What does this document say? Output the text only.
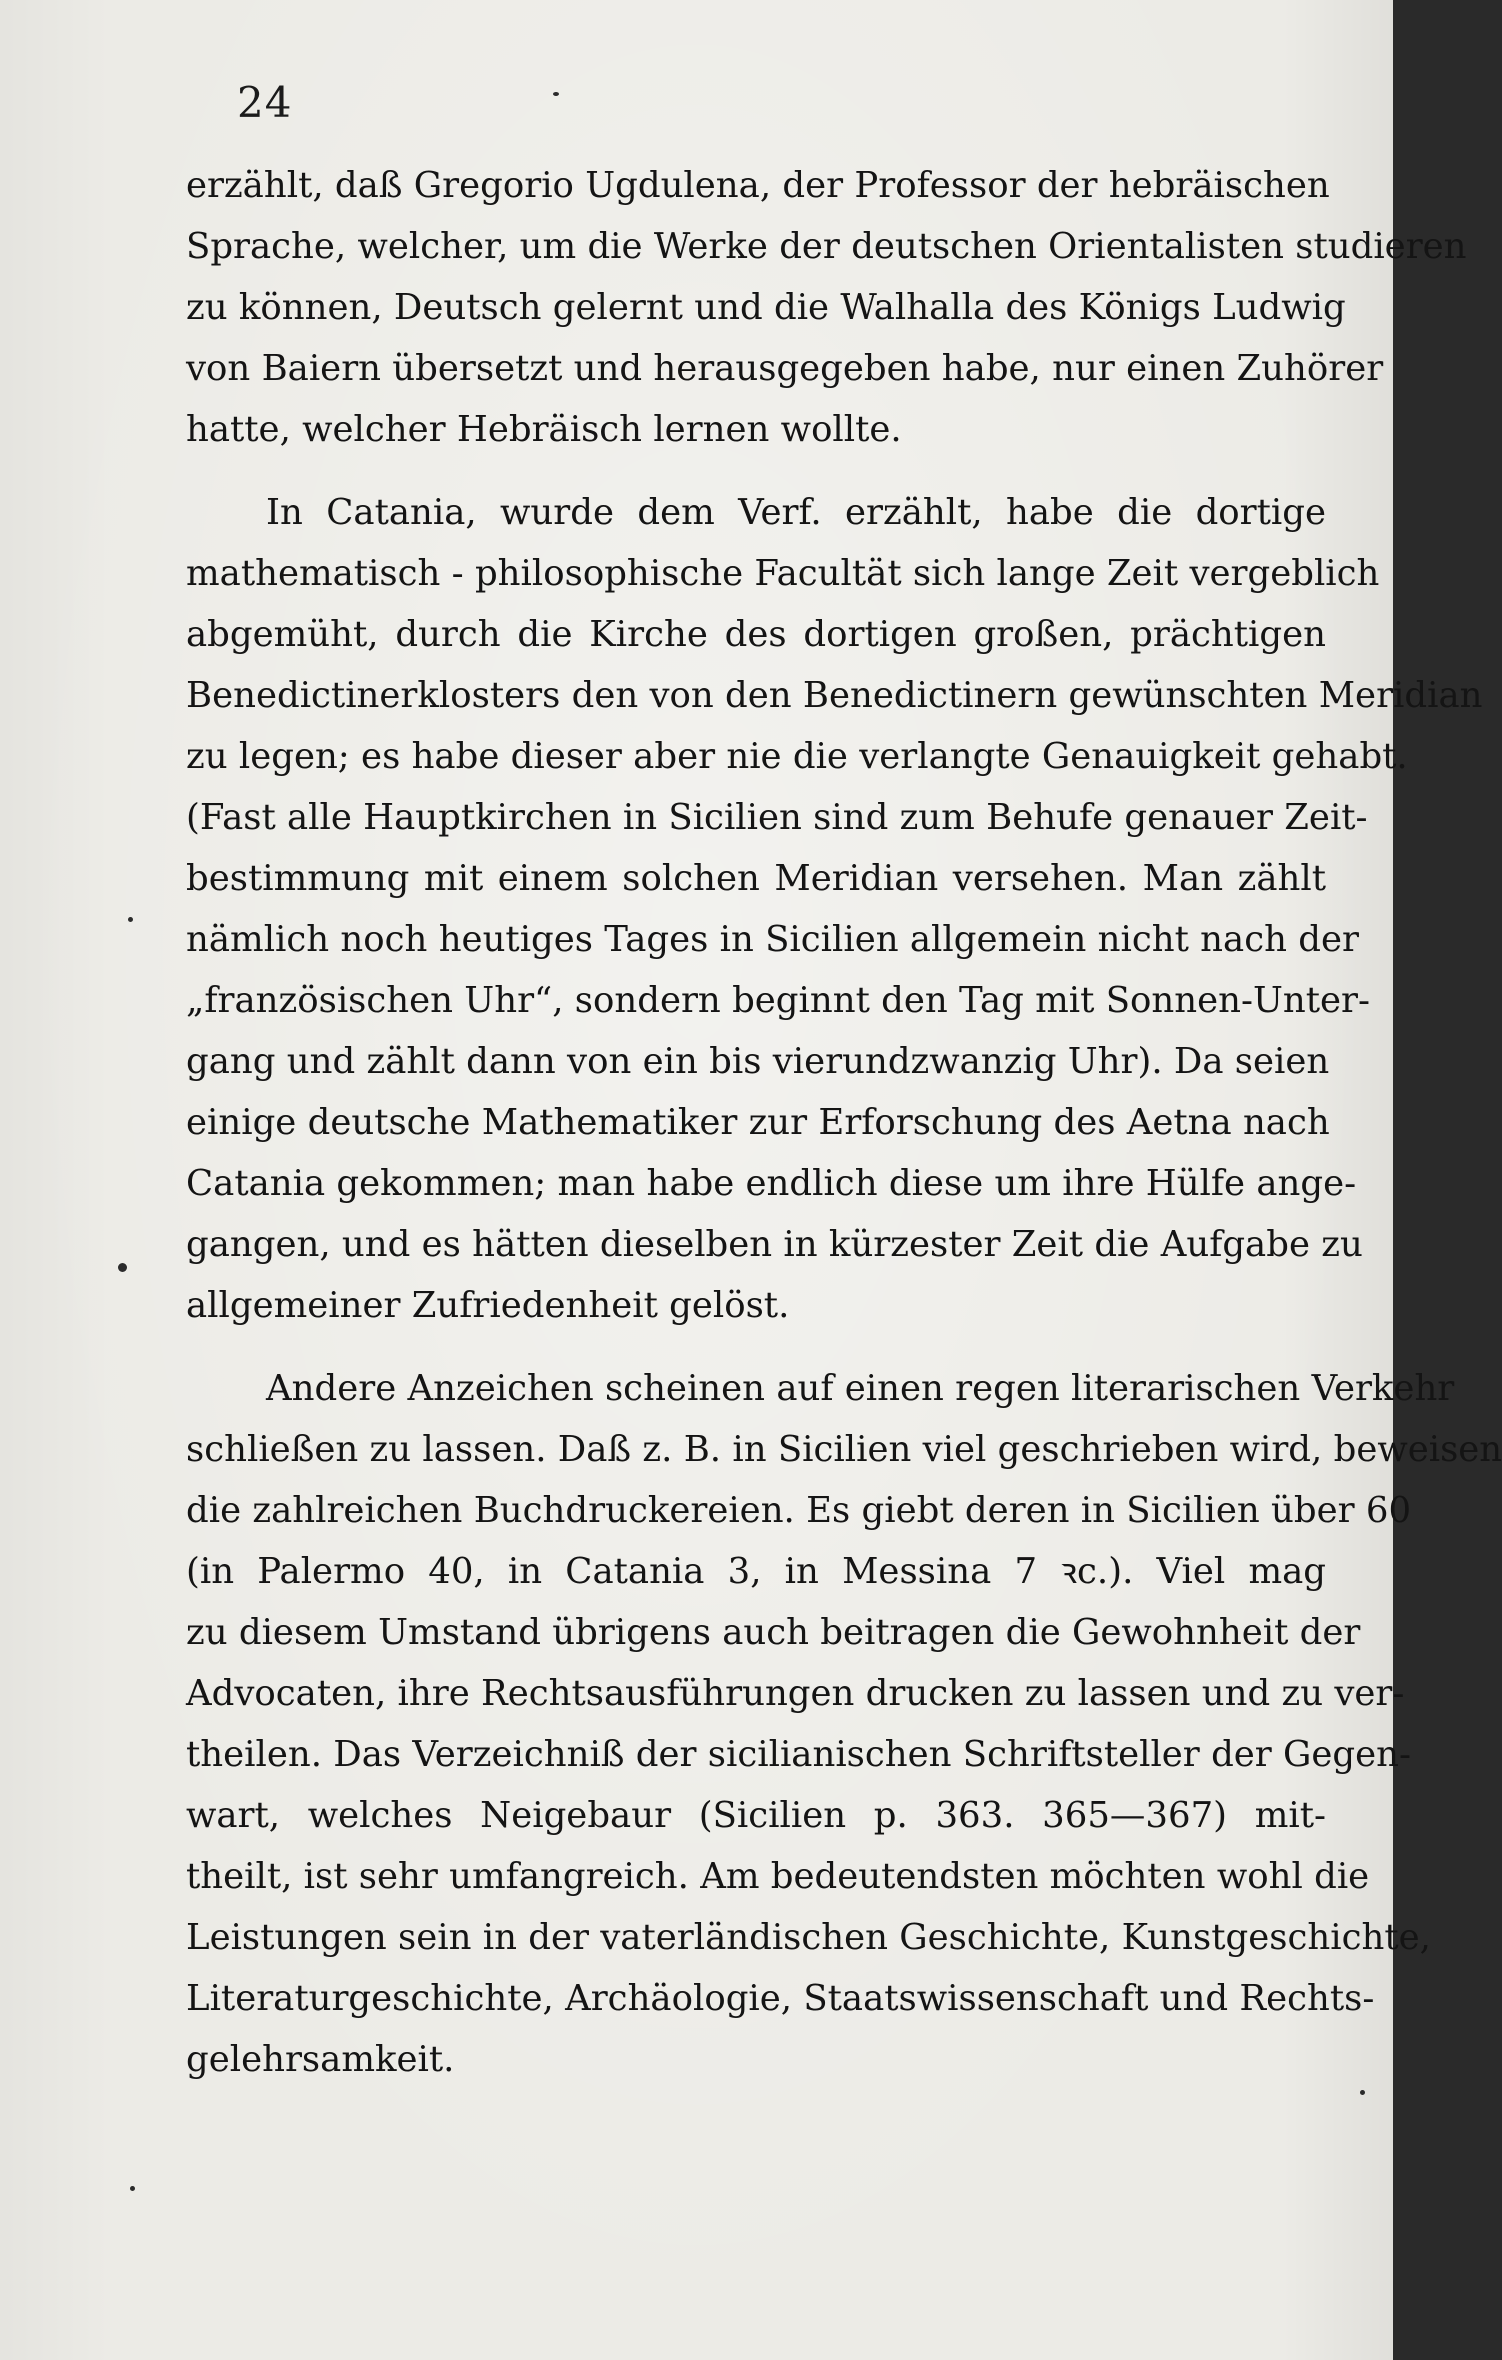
24
erzählt, daß Gregorio Ugdulena, der Professor der hebräischen
Sprache, welcher, um die Werke der deutschen Orientalisten studieren
zu können, Deutsch gelernt und die Walhalla des Königs Ludwig
von Baiern übersetzt und herausgegeben habe, nur einen Zuhörer
hatte, welcher Hebräisch lernen wollte.
In Catania, wurde dem Verf. erzählt, habe die dortige
mathematisch - philosophische Facultät sich lange Zeit vergeblich
abgemüht, durch die Kirche des dortigen großen, prächtigen
Benedictinerklosters den von den Benedictinern gewünschten Meridian
zu legen; es habe dieser aber nie die verlangte Genauigkeit gehabt.
(Fast alle Hauptkirchen in Sicilien sind zum Behufe genauer Zeit-
bestimmung mit einem solchen Meridian versehen. Man zählt
nämlich noch heutiges Tages in Sicilien allgemein nicht nach der
„französischen Uhr“, sondern beginnt den Tag mit Sonnen-Unter-
gang und zählt dann von ein bis vierundzwanzig Uhr). Da seien
einige deutsche Mathematiker zur Erforschung des Aetna nach
Catania gekommen; man habe endlich diese um ihre Hülfe ange-
gangen, und es hätten dieselben in kürzester Zeit die Aufgabe zu
allgemeiner Zufriedenheit gelöst.
Andere Anzeichen scheinen auf einen regen literarischen Verkehr
schließen zu lassen. Daß z. B. in Sicilien viel geschrieben wird, beweisen
die zahlreichen Buchdruckereien. Es giebt deren in Sicilien über 60
(in Palermo 40, in Catania 3, in Messina 7 ꝛc.). Viel mag
zu diesem Umstand übrigens auch beitragen die Gewohnheit der
Advocaten, ihre Rechtsausführungen drucken zu lassen und zu ver-
theilen. Das Verzeichniß der sicilianischen Schriftsteller der Gegen-
wart, welches Neigebaur (Sicilien p. 363. 365—367) mit-
theilt, ist sehr umfangreich. Am bedeutendsten möchten wohl die
Leistungen sein in der vaterländischen Geschichte, Kunstgeschichte,
Literaturgeschichte, Archäologie, Staatswissenschaft und Rechts-
gelehrsamkeit.
